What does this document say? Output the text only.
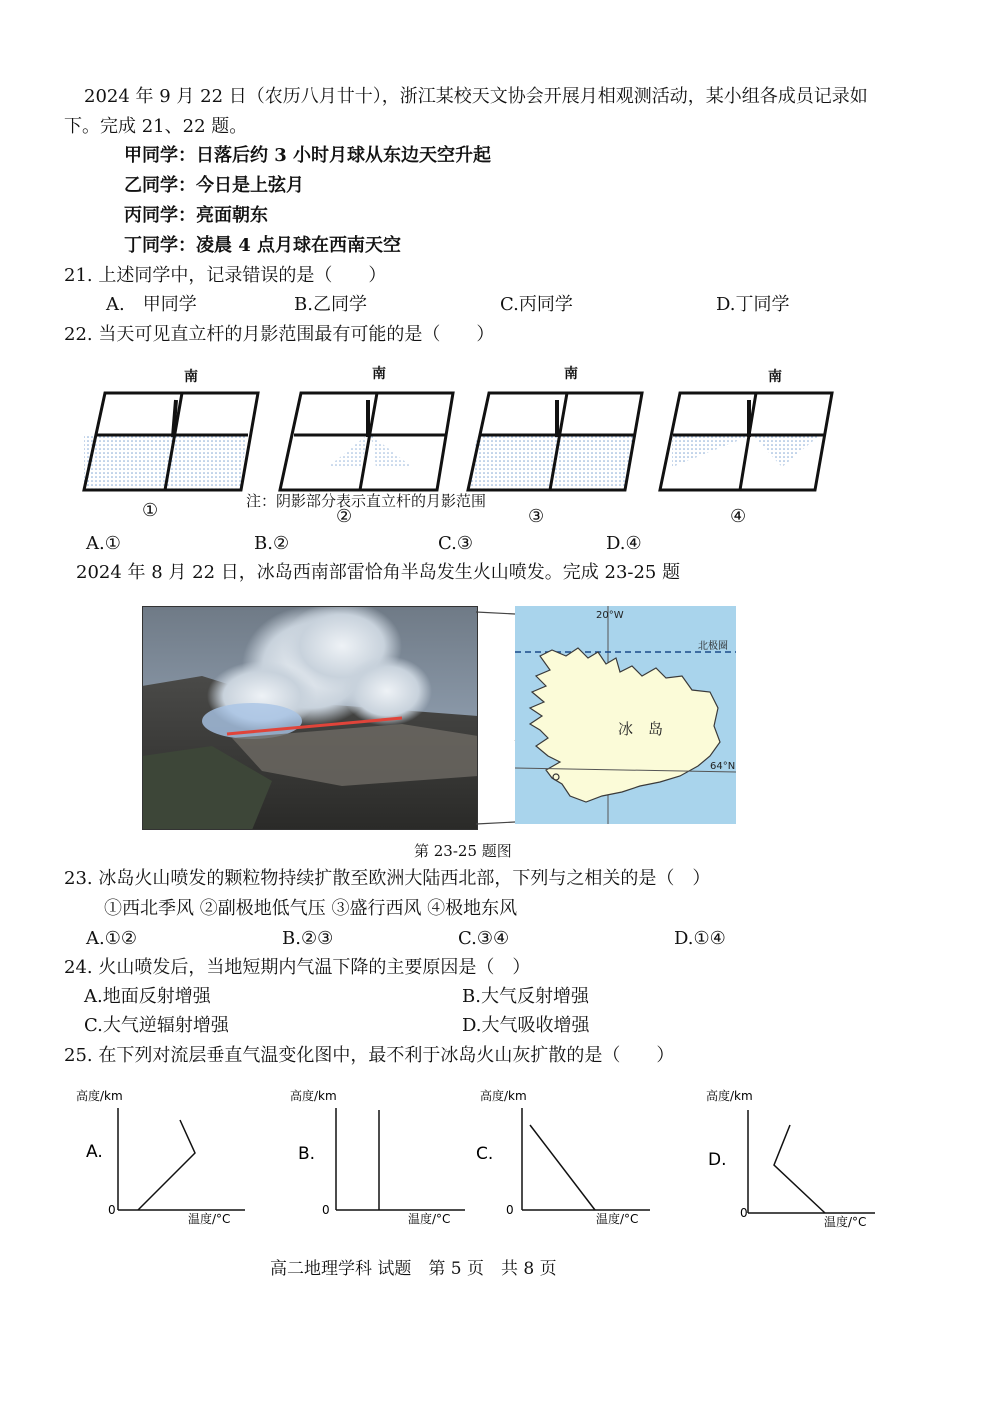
2024 年 9 月 22 日（农历八月廿十），浙江某校天文协会开展月相观测活动，某小组各成员记录如
下。完成 21、22 题。
甲同学：日落后约 3 小时月球从东边天空升起
乙同学：今日是上弦月
丙同学：亮面朝东
丁同学：凌晨 4 点月球在西南天空
21. 上述同学中，记录错误的是（　　）
A.　甲同学	B.乙同学	C.丙同学	D.丁同学
22. 当天可见直立杆的月影范围最有可能的是（　　）
南	南	南	南
注：阴影部分表示直立杆的月影范围
①	②	③	④
A.①	B.②	C.③	D.④
2024 年 8 月 22 日，冰岛西南部雷恰角半岛发生火山喷发。完成 23-25 题
20°W
北极圈
冰　岛
64°N
第 23-25 题图
23. 冰岛火山喷发的颗粒物持续扩散至欧洲大陆西北部，下列与之相关的是（　）
①西北季风 ②副极地低气压 ③盛行西风 ④极地东风
A.①②	B.②③	C.③④	D.①④
24. 火山喷发后，当地短期内气温下降的主要原因是（　）
A.地面反射增强	B.大气反射增强
C.大气逆辐射增强	D.大气吸收增强
25. 在下列对流层垂直气温变化图中，最不利于冰岛火山灰扩散的是（　　）
高度/km
A.
0
温度/°C
高度/km
B.
0
温度/°C
高度/km
C.
0
温度/°C
高度/km
D.
0
温度/°C
高二地理学科 试题　第 5 页　共 8 页
